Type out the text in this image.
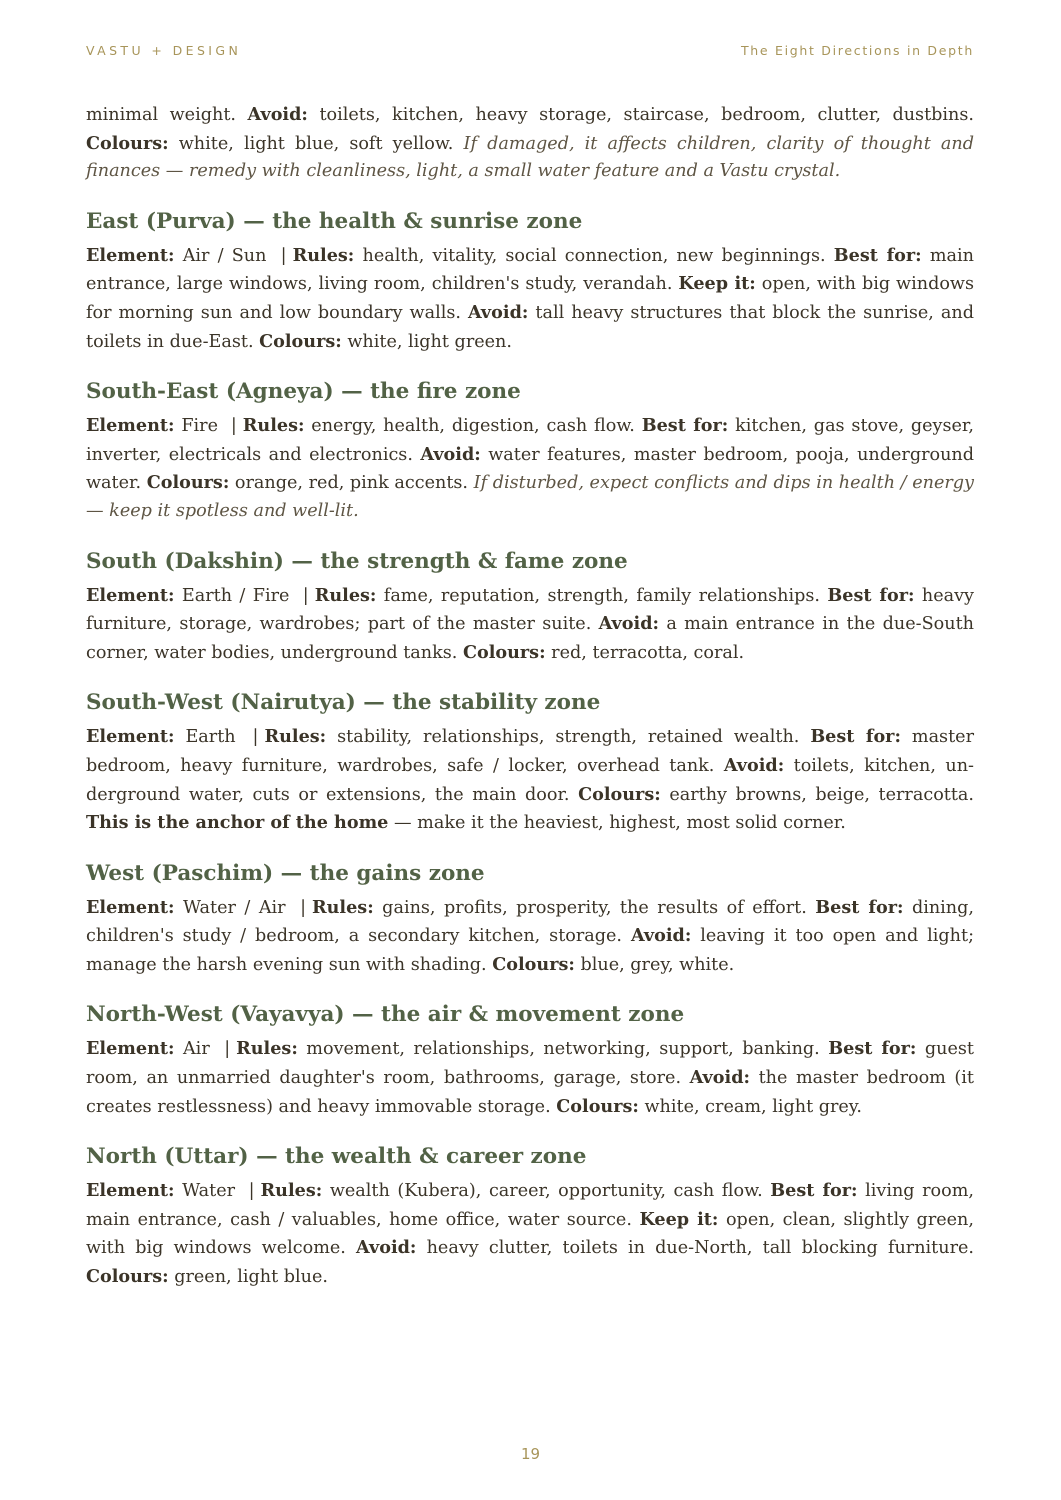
VASTU + DESIGN	The Eight Directions in Depth

minimal weight. Avoid: toilets, kitchen, heavy storage, staircase, bedroom, clutter, dustbins. Colours: white, light blue, soft yellow. If damaged, it affects children, clarity of thought and finances — remedy with cleanliness, light, a small water feature and a Vastu crystal.

East (Purva) — the health & sunrise zone

Element: Air / Sun | Rules: health, vitality, social connection, new beginnings. Best for: main entrance, large windows, living room, children's study, verandah. Keep it: open, with big windows for morning sun and low boundary walls. Avoid: tall heavy structures that block the sunrise, and toilets in due-East. Colours: white, light green.

South-East (Agneya) — the fire zone

Element: Fire | Rules: energy, health, digestion, cash flow. Best for: kitchen, gas stove, geyser, inverter, electricals and electronics. Avoid: water features, master bedroom, pooja, underground water. Colours: orange, red, pink accents. If disturbed, expect conflicts and dips in health / energy — keep it spotless and well-lit.

South (Dakshin) — the strength & fame zone

Element: Earth / Fire | Rules: fame, reputation, strength, family relationships. Best for: heavy furniture, storage, wardrobes; part of the master suite. Avoid: a main entrance in the due-South corner, water bodies, underground tanks. Colours: red, terracotta, coral.

South-West (Nairutya) — the stability zone

Element: Earth | Rules: stability, relationships, strength, retained wealth. Best for: master bedroom, heavy furniture, wardrobes, safe / locker, overhead tank. Avoid: toilets, kitchen, underground water, cuts or extensions, the main door. Colours: earthy browns, beige, terracotta. This is the anchor of the home — make it the heaviest, highest, most solid corner.

West (Paschim) — the gains zone

Element: Water / Air | Rules: gains, profits, prosperity, the results of effort. Best for: dining, children's study / bedroom, a secondary kitchen, storage. Avoid: leaving it too open and light; manage the harsh evening sun with shading. Colours: blue, grey, white.

North-West (Vayavya) — the air & movement zone

Element: Air | Rules: movement, relationships, networking, support, banking. Best for: guest room, an unmarried daughter's room, bathrooms, garage, store. Avoid: the master bedroom (it creates restlessness) and heavy immovable storage. Colours: white, cream, light grey.

North (Uttar) — the wealth & career zone

Element: Water | Rules: wealth (Kubera), career, opportunity, cash flow. Best for: living room, main entrance, cash / valuables, home office, water source. Keep it: open, clean, slightly green, with big windows welcome. Avoid: heavy clutter, toilets in due-North, tall blocking furniture. Colours: green, light blue.

19
